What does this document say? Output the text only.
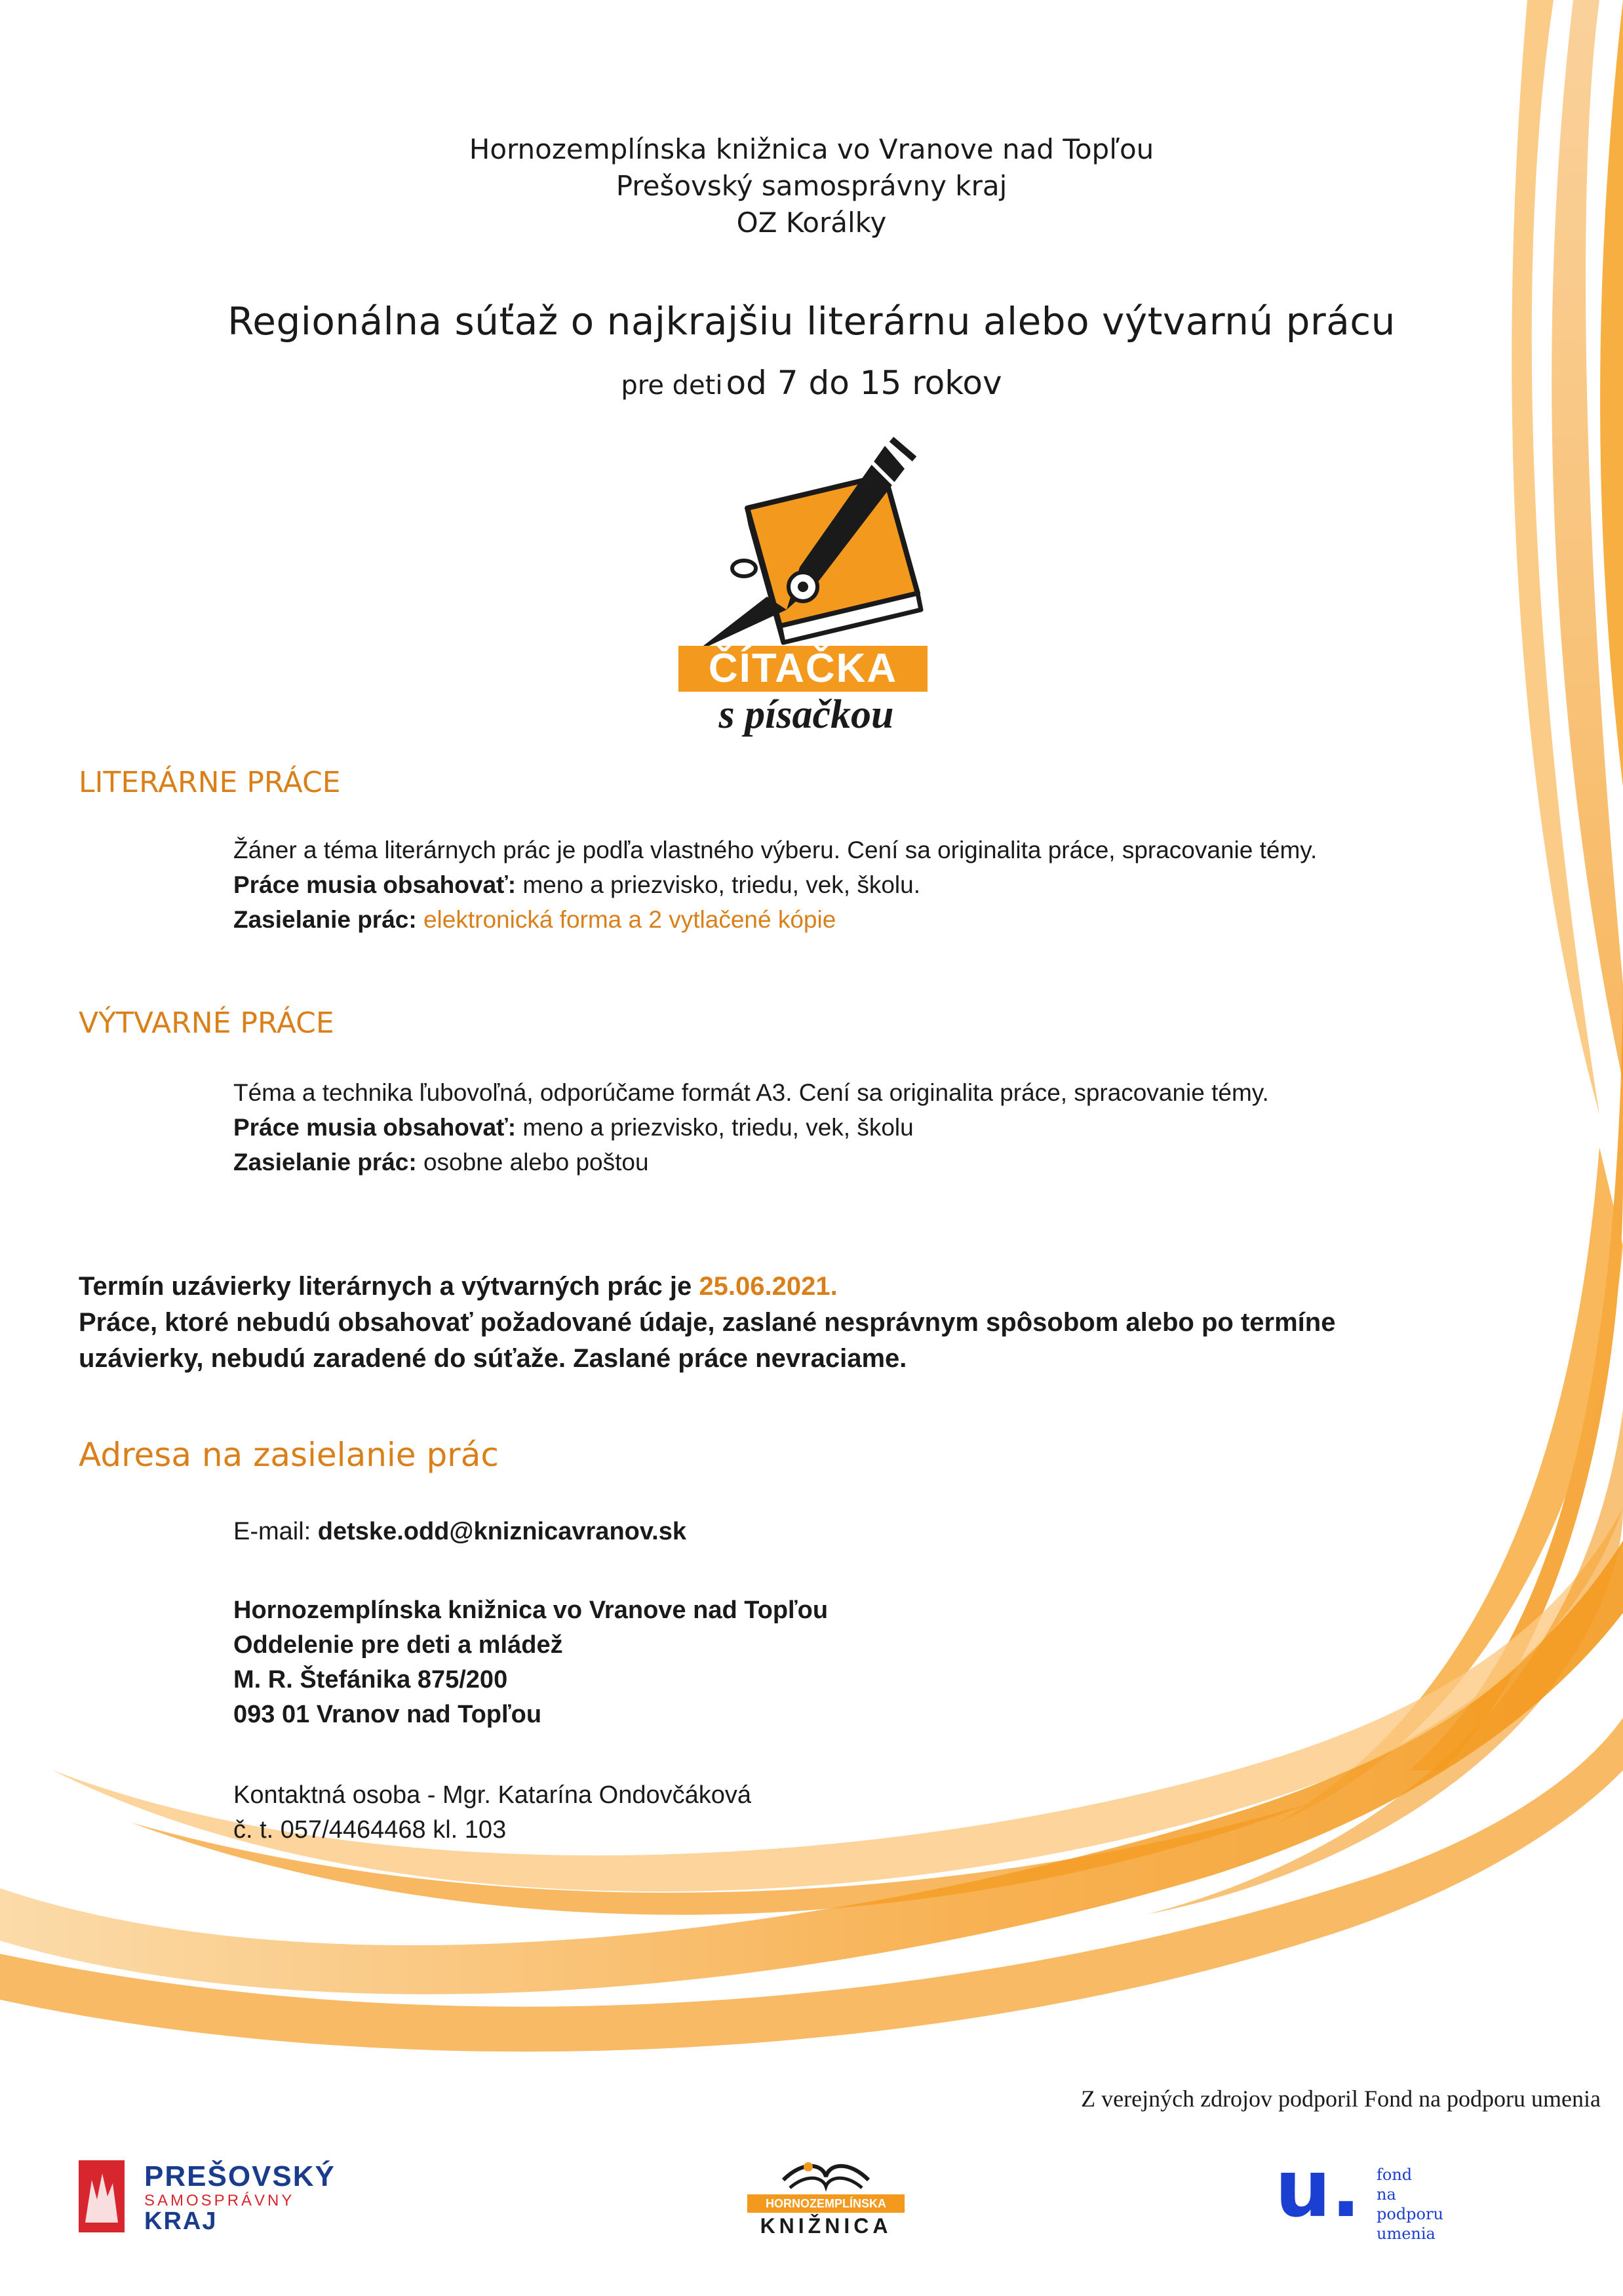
Hornozemplínska knižnica vo Vranove nad Topľou
Prešovský samosprávny kraj
OZ Korálky
Regionálna súťaž o najkrajšiu literárnu alebo výtvarnú prácu
pre deti od 7 do 15 rokov
ČÍTAČKA
s písačkou
LITERÁRNE PRÁCE
Žáner a téma literárnych prác je podľa vlastného výberu. Cení sa originalita práce, spracovanie témy.
Práce musia obsahovať: meno a priezvisko, triedu, vek, školu.
Zasielanie prác: elektronická forma a 2 vytlačené kópie
VÝTVARNÉ PRÁCE
Téma a technika ľubovoľná, odporúčame formát A3. Cení sa originalita práce, spracovanie témy.
Práce musia obsahovať: meno a priezvisko, triedu, vek, školu
Zasielanie prác: osobne alebo poštou
Termín uzávierky literárnych a výtvarných prác je 25.06.2021.
Práce, ktoré nebudú obsahovať požadované údaje, zaslané nesprávnym spôsobom alebo po termíne uzávierky, nebudú zaradené do súťaže. Zaslané práce nevraciame.
Adresa na zasielanie prác
E-mail: detske.odd@kniznicavranov.sk
Hornozemplínska knižnica vo Vranove nad Topľou
Oddelenie pre deti a mládež
M. R. Štefánika 875/200
093 01 Vranov nad Topľou
Kontaktná osoba - Mgr. Katarína Ondovčáková
č. t. 057/4464468 kl. 103
Z verejných zdrojov podporil Fond na podporu umenia
PREŠOVSKÝ
SAMOSPRÁVNY
KRAJ
HORNOZEMPLÍNSKA
KNIŽNICA	u. fond
na podporu
umenia
